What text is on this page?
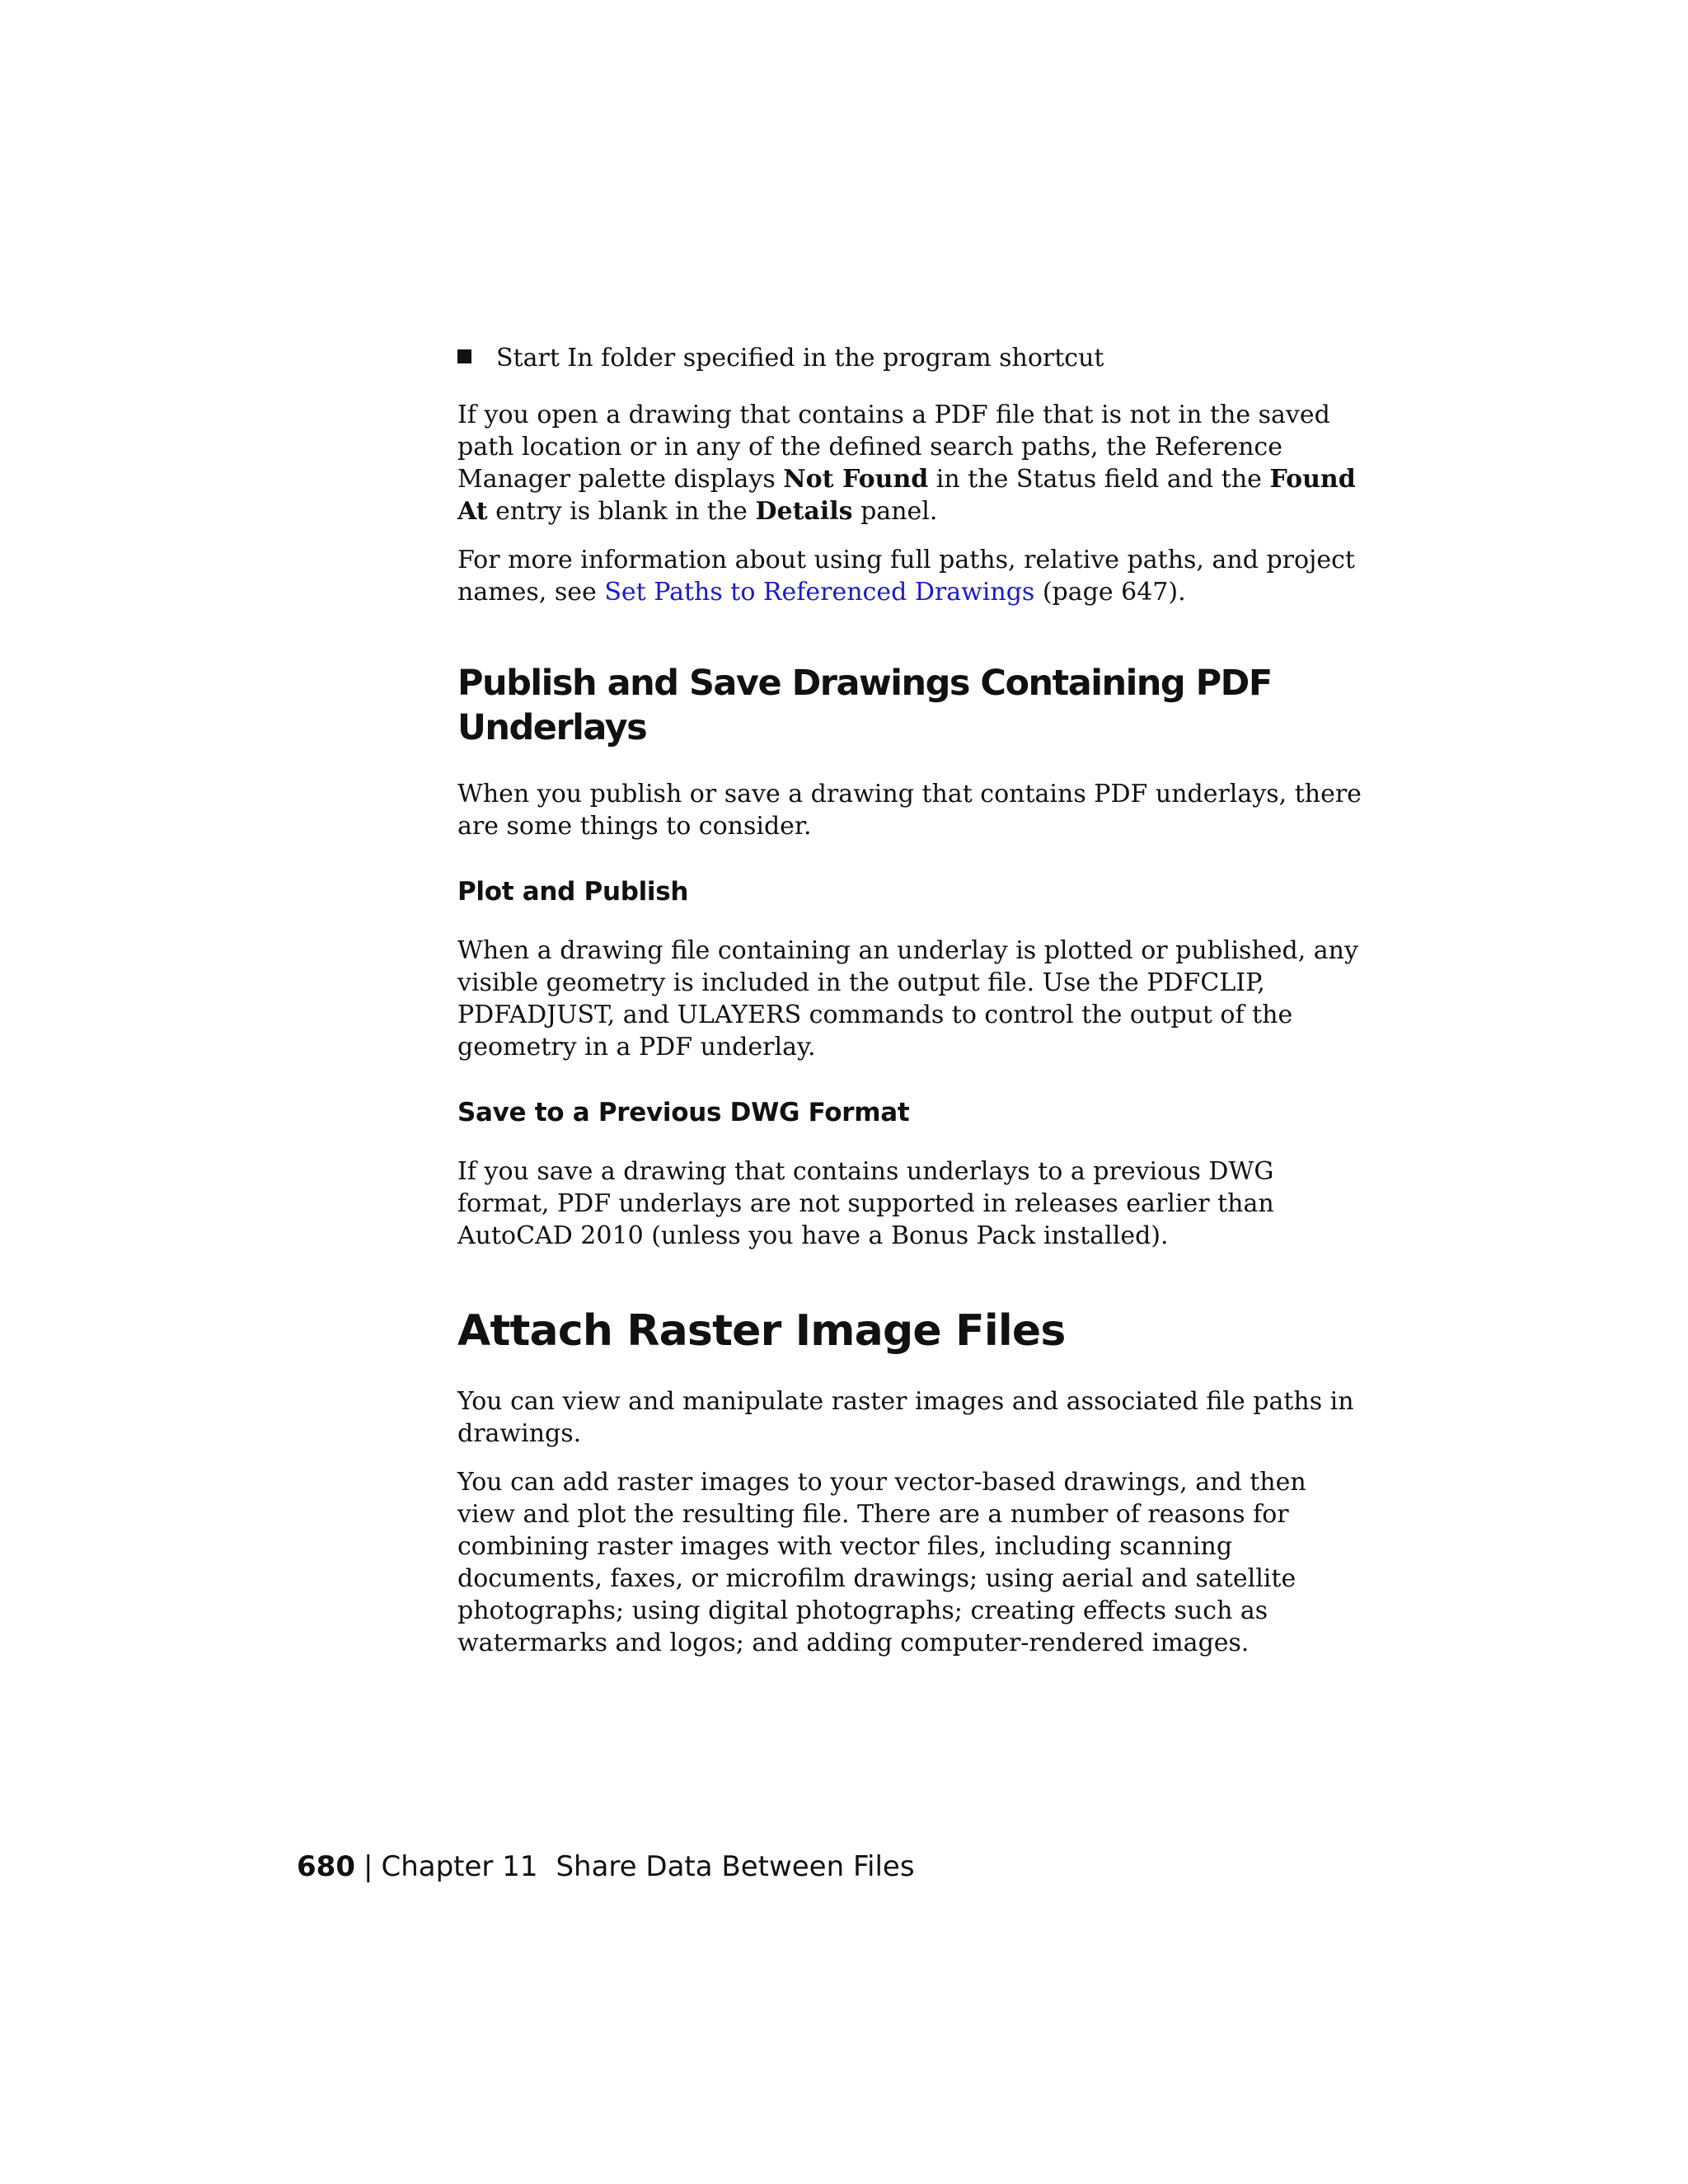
Start In folder specified in the program shortcut

If you open a drawing that contains a PDF file that is not in the saved path location or in any of the defined search paths, the Reference Manager palette displays Not Found in the Status field and the Found At entry is blank in the Details panel.

For more information about using full paths, relative paths, and project names, see Set Paths to Referenced Drawings (page 647).

Publish and Save Drawings Containing PDF Underlays

When you publish or save a drawing that contains PDF underlays, there are some things to consider.

Plot and Publish

When a drawing file containing an underlay is plotted or published, any visible geometry is included in the output file. Use the PDFCLIP, PDFADJUST, and ULAYERS commands to control the output of the geometry in a PDF underlay.

Save to a Previous DWG Format

If you save a drawing that contains underlays to a previous DWG format, PDF underlays are not supported in releases earlier than AutoCAD 2010 (unless you have a Bonus Pack installed).

Attach Raster Image Files

You can view and manipulate raster images and associated file paths in drawings.

You can add raster images to your vector-based drawings, and then view and plot the resulting file. There are a number of reasons for combining raster images with vector files, including scanning documents, faxes, or microfilm drawings; using aerial and satellite photographs; using digital photographs; creating effects such as watermarks and logos; and adding computer-rendered images.

680 | Chapter 11 Share Data Between Files
